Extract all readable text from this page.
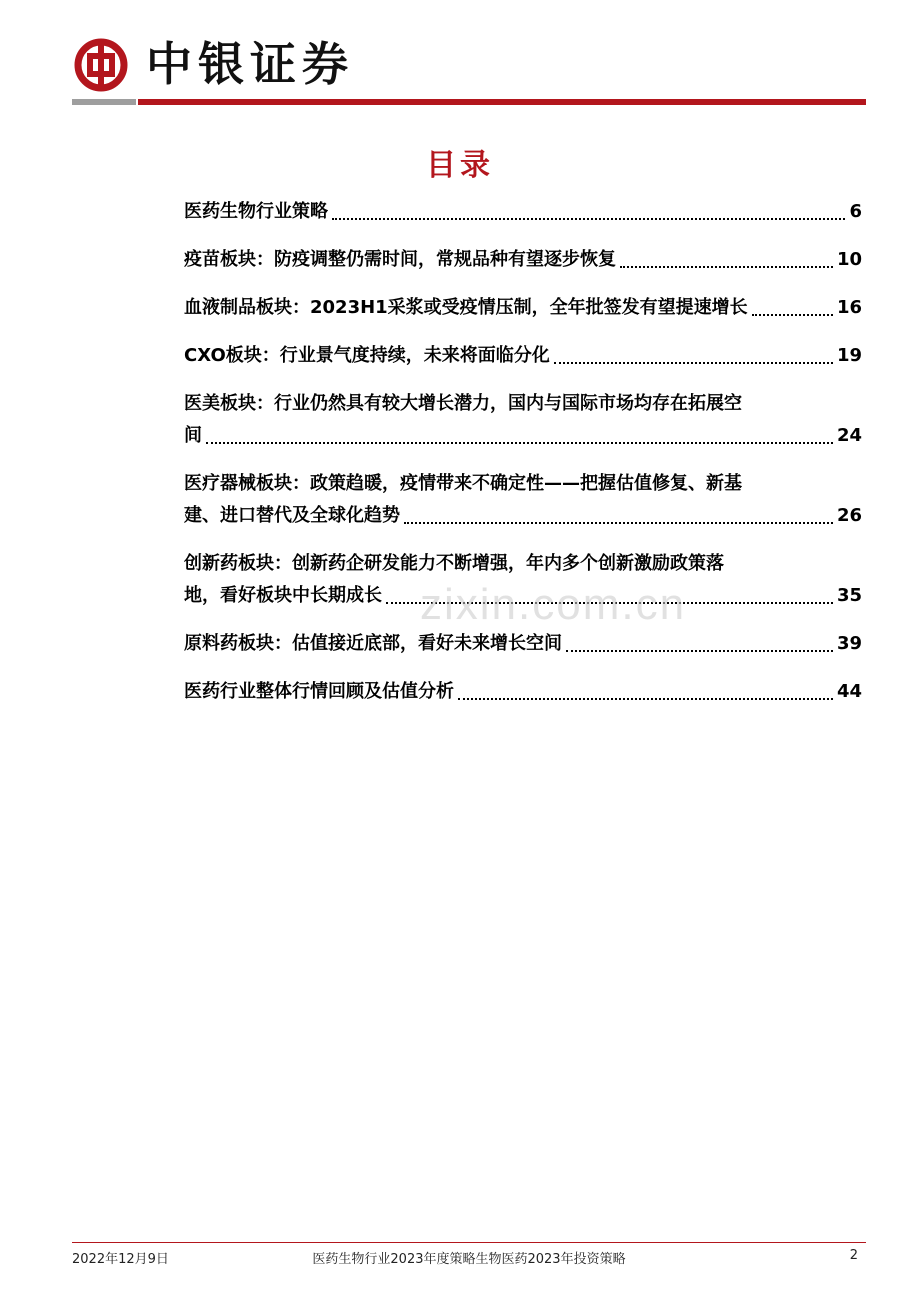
中银证券
目录
医药生物行业策略	6
疫苗板块：防疫调整仍需时间，常规品种有望逐步恢复	10
血液制品板块：2023H1采浆或受疫情压制，全年批签发有望提速增长	16
CXO板块：行业景气度持续，未来将面临分化	19
医美板块：行业仍然具有较大增长潜力，国内与国际市场均存在拓展空
间	24
医疗器械板块：政策趋暖，疫情带来不确定性——把握估值修复、新基
建、进口替代及全球化趋势	26
创新药板块：创新药企研发能力不断增强，年内多个创新激励政策落
地，看好板块中长期成长	35
原料药板块：估值接近底部，看好未来增长空间	39
医药行业整体行情回顾及估值分析	44
zixin.com.cn
2022年12月9日	医药生物行业2023年度策略生物医药2023年投资策略	2
